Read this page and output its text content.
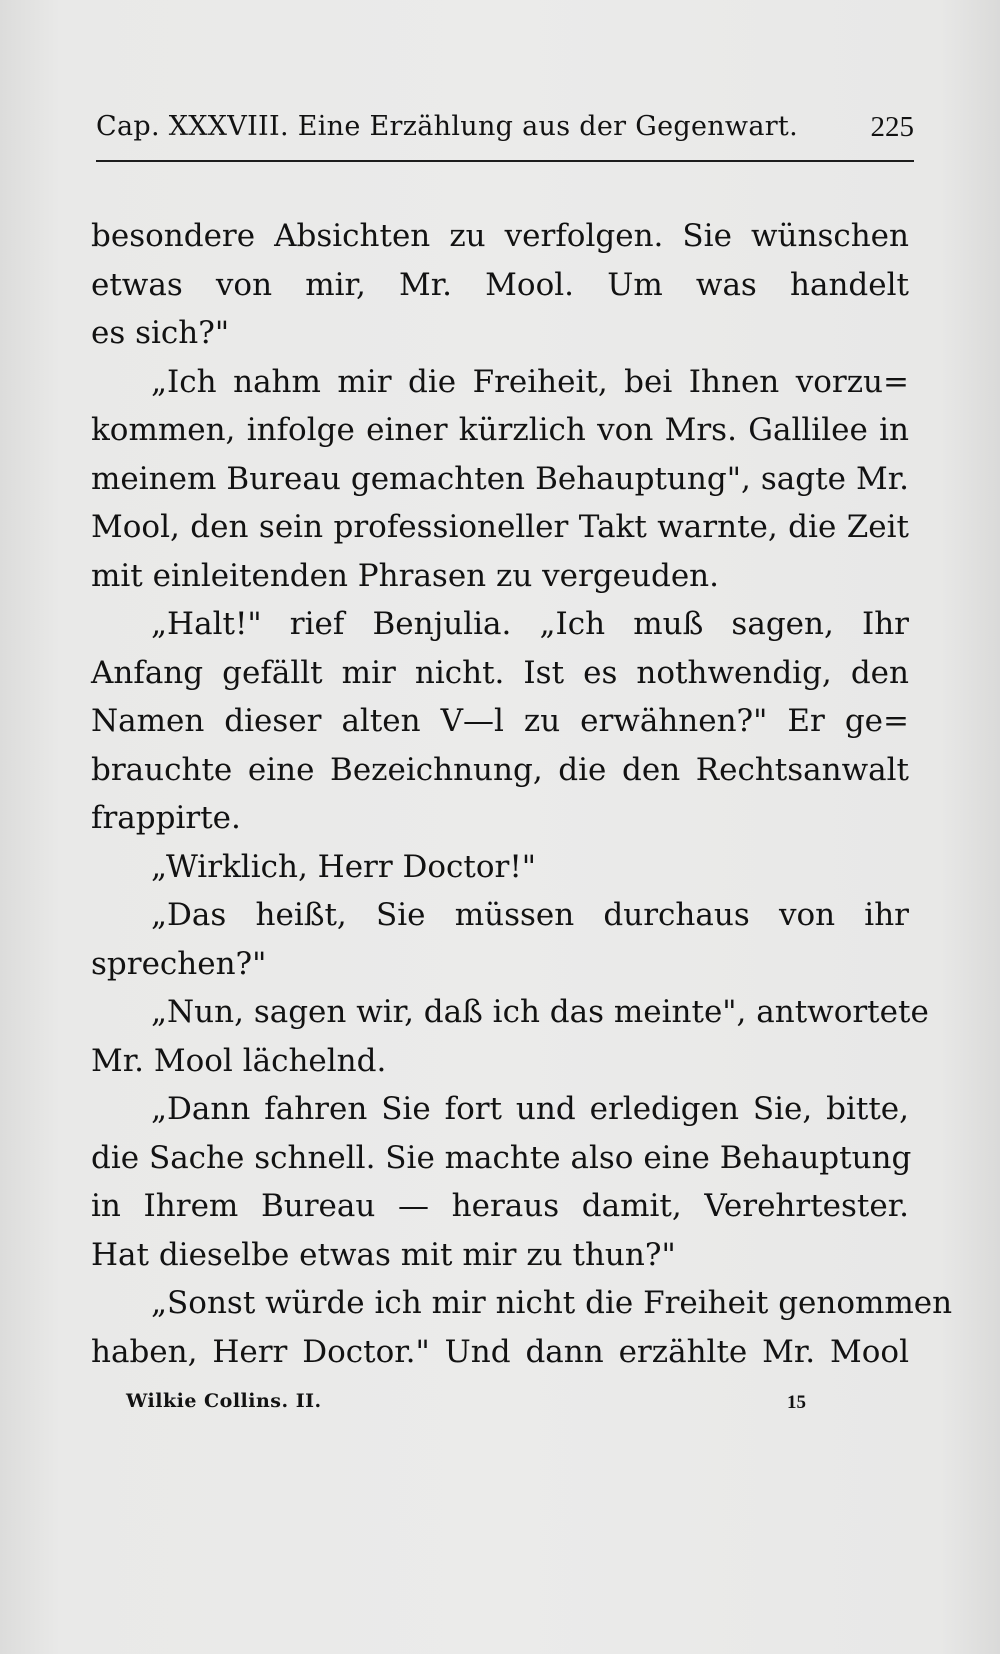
Cap. XXXVIII. Eine Erzählung aus der Gegenwart.	225
besondere Absichten zu verfolgen. Sie wünschen
etwas von mir, Mr. Mool. Um was handelt
es sich?"
„Ich nahm mir die Freiheit, bei Ihnen vorzu=
kommen, infolge einer kürzlich von Mrs. Gallilee in
meinem Bureau gemachten Behauptung", sagte Mr.
Mool, den sein professioneller Takt warnte, die Zeit
mit einleitenden Phrasen zu vergeuden.
„Halt!" rief Benjulia. „Ich muß sagen, Ihr
Anfang gefällt mir nicht. Ist es nothwendig, den
Namen dieser alten V—l zu erwähnen?" Er ge=
brauchte eine Bezeichnung, die den Rechtsanwalt
frappirte.
„Wirklich, Herr Doctor!"
„Das heißt, Sie müssen durchaus von ihr
sprechen?"
„Nun, sagen wir, daß ich das meinte", antwortete
Mr. Mool lächelnd.
„Dann fahren Sie fort und erledigen Sie, bitte,
die Sache schnell. Sie machte also eine Behauptung
in Ihrem Bureau — heraus damit, Verehrtester.
Hat dieselbe etwas mit mir zu thun?"
„Sonst würde ich mir nicht die Freiheit genommen
haben, Herr Doctor." Und dann erzählte Mr. Mool
Wilkie Collins. II.	15
